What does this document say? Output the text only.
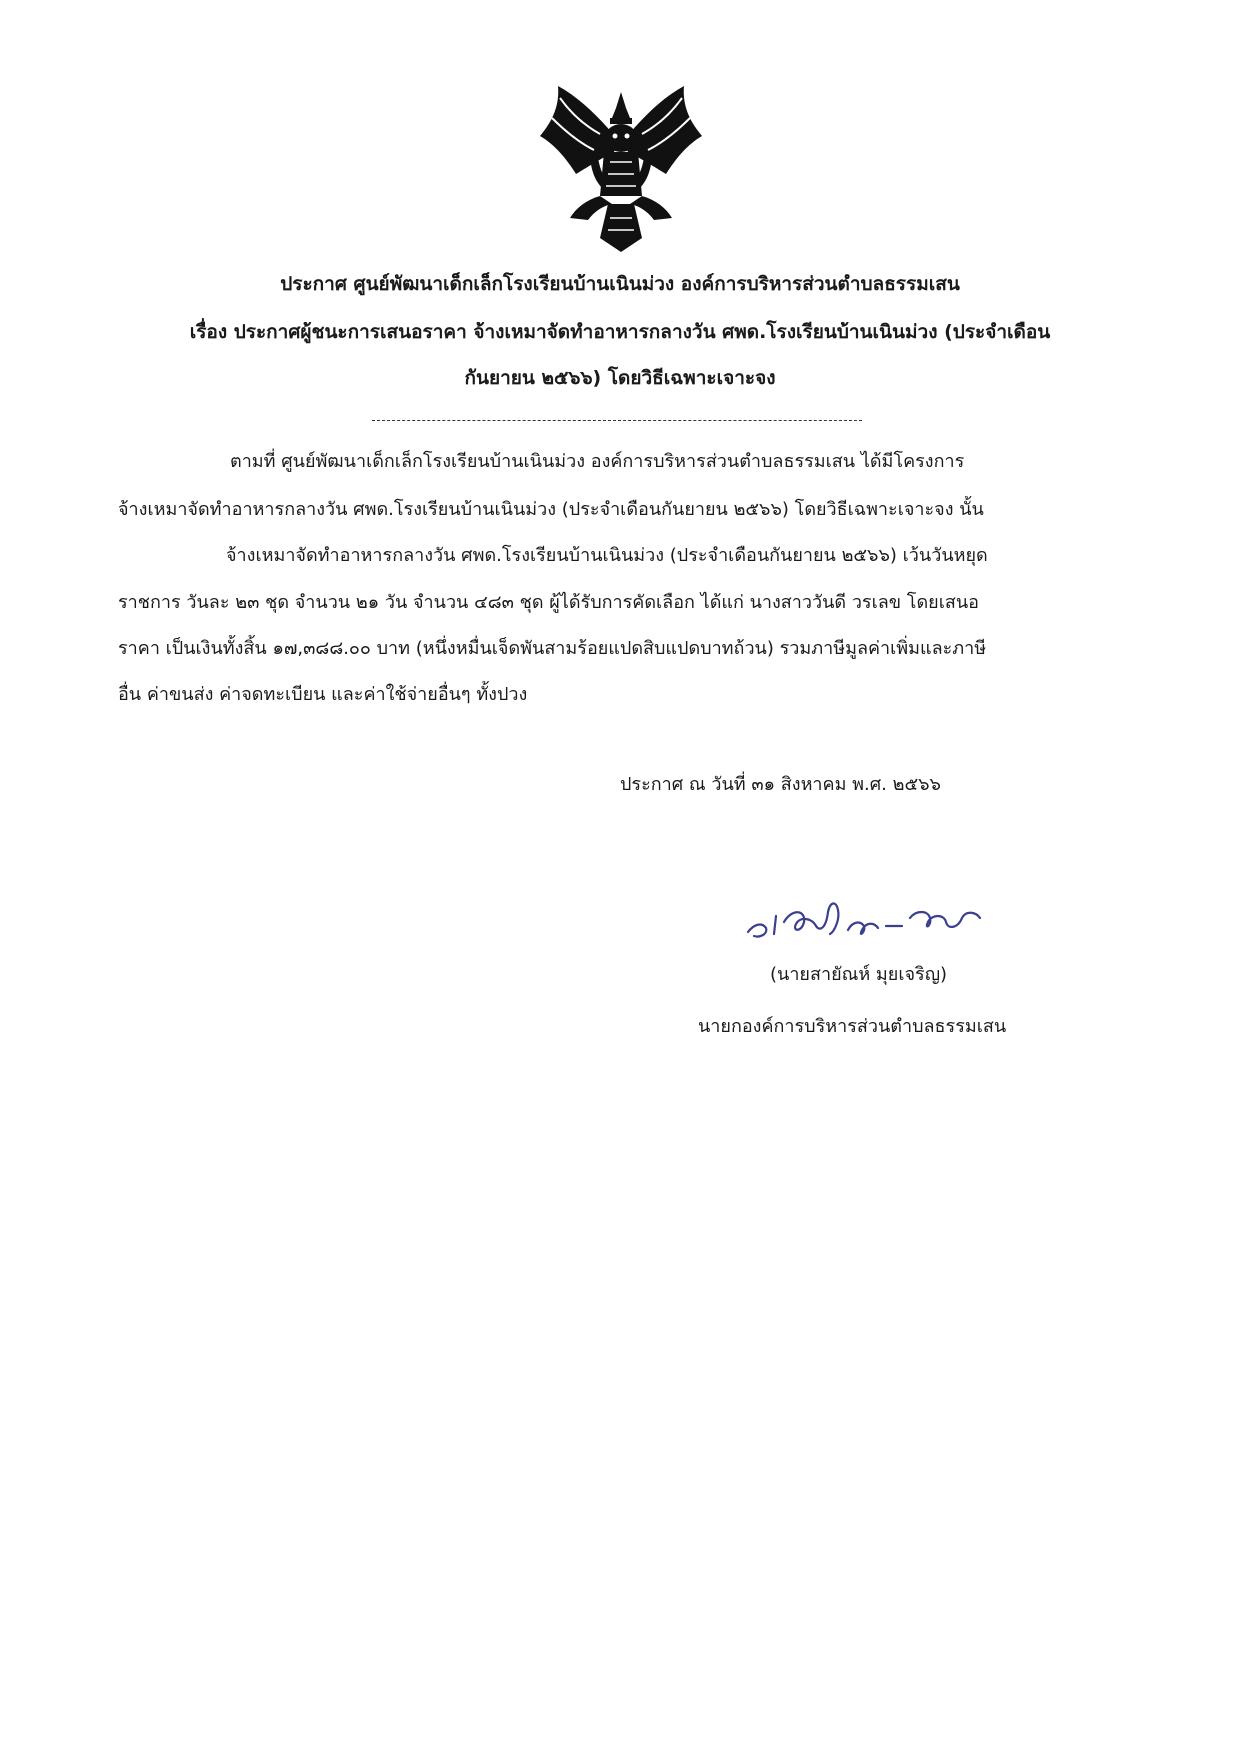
ประกาศ ศูนย์พัฒนาเด็กเล็กโรงเรียนบ้านเนินม่วง องค์การบริหารส่วนตำบลธรรมเสน
เรื่อง ประกาศผู้ชนะการเสนอราคา จ้างเหมาจัดทำอาหารกลางวัน ศพด.โรงเรียนบ้านเนินม่วง (ประจำเดือน
กันยายน ๒๕๖๖) โดยวิธีเฉพาะเจาะจง
ตามที่ ศูนย์พัฒนาเด็กเล็กโรงเรียนบ้านเนินม่วง องค์การบริหารส่วนตำบลธรรมเสน ได้มีโครงการ
จ้างเหมาจัดทำอาหารกลางวัน ศพด.โรงเรียนบ้านเนินม่วง (ประจำเดือนกันยายน ๒๕๖๖) โดยวิธีเฉพาะเจาะจง นั้น
จ้างเหมาจัดทำอาหารกลางวัน ศพด.โรงเรียนบ้านเนินม่วง (ประจำเดือนกันยายน ๒๕๖๖) เว้นวันหยุด
ราชการ วันละ ๒๓ ชุด จำนวน ๒๑ วัน จำนวน ๔๘๓ ชุด ผู้ได้รับการคัดเลือก ได้แก่ นางสาววันดี วรเลข โดยเสนอ
ราคา เป็นเงินทั้งสิ้น ๑๗,๓๘๘.๐๐ บาท (หนึ่งหมื่นเจ็ดพันสามร้อยแปดสิบแปดบาทถ้วน) รวมภาษีมูลค่าเพิ่มและภาษี
อื่น ค่าขนส่ง ค่าจดทะเบียน และค่าใช้จ่ายอื่นๆ ทั้งปวง
ประกาศ ณ วันที่ ๓๑ สิงหาคม พ.ศ. ๒๕๖๖
(นายสายัณห์ มุยเจริญ)
นายกองค์การบริหารส่วนตำบลธรรมเสน
